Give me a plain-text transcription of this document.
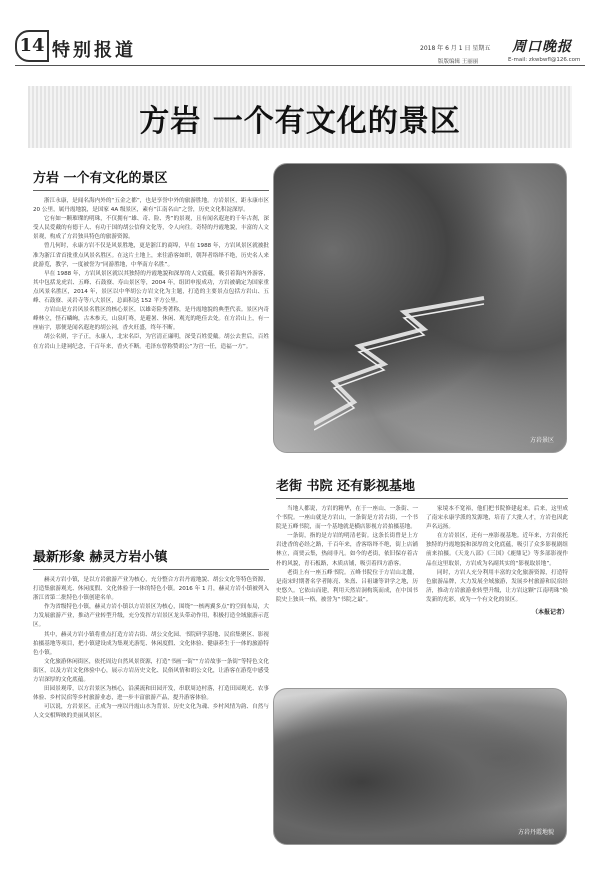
14 特别报道	2018 年 6 月 1 日 星期五 周口晚报
版版编辑 王丽丽	E-mail: zkwbwfl@126.com
方岩 一个有文化的景区
方岩 一个有文化的景区

浙江永康，是闻名海内外的“五金之都”，也是享誉中外的旅游胜地。方岩景区，距永康市区 20 公里，属丹霞地貌，是国家 4A 级景区，素有“江南名山”之誉，历史文化积淀深厚。

它有如一颗璀璨的明珠，不仅拥有“雄、奇、险、秀”的景观，且有闻名遐迩的千年古刹，深受人民爱戴的有德于人、有功于国的胡公信仰文化等，令人向往。奇特的丹霞地貌，丰富的人文景观，构成了方岩独具特色的旅游资源。

曾几何时，永康方岩不仅是风景胜地，更是浙江的商埠，早在 1988 年，方岩风景区就被批准为浙江省首批重点风景名胜区。在这片土地上，来往游客如织，朝拜者络绎不绝，历史名人来此游览，教学，一度被誉为“同游胜地，中华南方名胜”。

早在 1988 年，方岩风景区就以其独特的丹霞地貌和深厚的人文底蕴，吸引着海内外游客，其中包括龙虎岩、五峰、石鼓寮、寿山景区等，2004 年，组团申报成功，方岩被确定为国家重点风景名胜区，2014 年，景区以中华胡公方岩文化为主题，打造的主要景点包括方岩山、五峰、石鼓寮、灵岩寺等八大景区，总面积达 152 平方公里。

方岩山是方岩风景名胜区的核心景区，以雄奇险秀著称，是丹霞地貌的典型代表。景区内奇峰林立，怪石嶙峋，古木参天，山泉叮咚，是避暑、休闲、观光的绝佳去处。在方岩山上，有一座庙宇，那便是闻名遐迩的胡公祠，香火旺盛，终年不断。

胡公名则，字子正，永康人，北宋名臣，为官清正廉明，深受百姓爱戴。胡公去世后，百姓在方岩山上建祠纪念，千百年来，香火不断。毛泽东曾称赞胡公“为官一任，造福一方”。

最新形象 赫灵方岩小镇

赫灵方岩小镇，是以方岩旅游产业为核心，充分整合方岩丹霞地貌、胡公文化等特色资源，打造集旅游观光、休闲度假、文化体验于一体的特色小镇。2016 年 1 月，赫灵方岩小镇被列入浙江省第二批特色小镇创建名单。

作为省级特色小镇，赫灵方岩小镇以方岩景区为核心，围绕“一核两翼多点”的空间布局，大力发展旅游产业，推动产业转型升级，充分发挥方岩景区龙头带动作用，积极打造全域旅游示范区。

其中，赫灵方岩小镇将重点打造方岩古街、胡公文化园、书院研学基地、民宿集聚区、影视拍摄基地等项目，把小镇建设成为集观光游览、休闲度假、文化体验、健康养生于一体的旅游特色小镇。

文化旅游休闲街区，依托周边自然风景资源，打造“书画一街”“方岩故事一条街”等特色文化街区，以及方岩文化体验中心，展示方岩历史文化、民俗风情和胡公文化，让游客在游览中感受方岩深厚的文化底蕴。

田园景观带，以方岩景区为核心，沿溪流和田园开发，串联周边村落，打造田园观光、农事体验、乡村民宿等乡村旅游业态，进一步丰富旅游产品，提升游客体验。

可以说，方岩景区，正成为一座以丹霞山水为背景、历史文化为魂、乡村风情为韵、自然与人文交相辉映的美丽风景区。

方岩景区
老街 书院 还有影视基地

当地人都说，方岩的精华，在于一座山、一条街、一个书院。一座山就是方岩山，一条街是方岩古街，一个书院是五峰书院，而一个基地就是横店影视方岩拍摄基地。

一条街，指的是方岩的明清老街。这条长街曾是上方岩进香的必经之路，千百年来，香客络绎不绝，街上店铺林立，商贾云集，热闹非凡。如今的老街，依旧保存着古朴的风貌，青石板路，木质店铺，吸引着四方游客。

老街上有一座五峰书院。五峰书院位于方岩山北麓，是南宋时期著名学者陈亮、朱熹、吕祖谦等讲学之地，历史悠久。它依山而建，利用天然岩洞构筑而成，在中国书院史上独具一格，被誉为“书院之最”。

家境本不宽裕，他们把书院修建起来。后来，这里成了南宋永康学派的发源地，培育了大批人才，方岩也因此声名远扬。

在方岩景区，还有一座影视基地。近年来，方岩依托独特的丹霞地貌和深厚的文化底蕴，吸引了众多影视剧组前来拍摄。《天龙八部》《三国》《鹿鼎记》等多部影视作品在这里取景，方岩成为名副其实的“影视取景地”。

同时，方岩人充分利用丰富的文化旅游资源，打造特色旅游品牌，大力发展全域旅游，发展乡村旅游和民宿经济，推动方岩旅游业转型升级，让方岩这颗“江南明珠”焕发新的光彩，成为一个有文化的景区。

（本报记者）
方岩丹霞地貌
